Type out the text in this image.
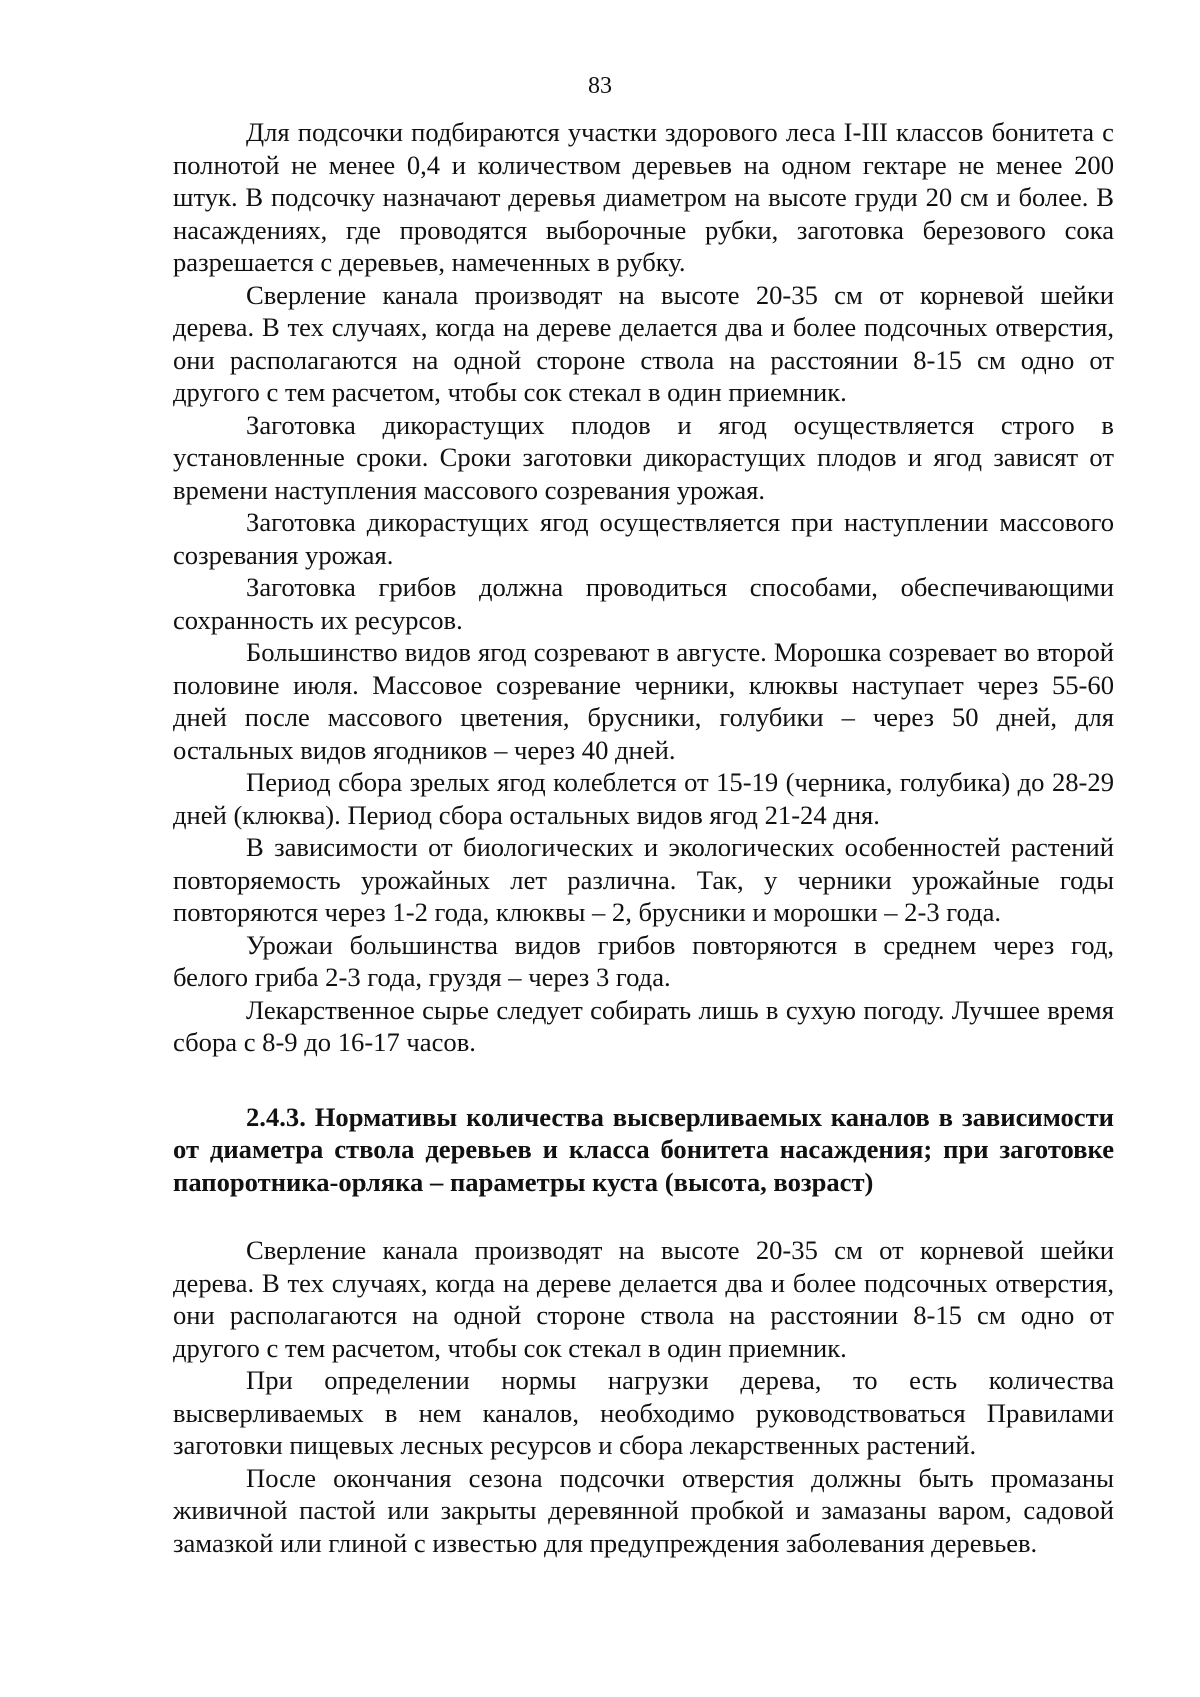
83

Для подсочки подбираются участки здорового леса I-III классов бонитета с полнотой не менее 0,4 и количеством деревьев на одном гектаре не менее 200 штук. В подсочку назначают деревья диаметром на высоте груди 20 см и более. В насаждениях, где проводятся выборочные рубки, заготовка березового сока разрешается с деревьев, намеченных в рубку.

Сверление канала производят на высоте 20-35 см от корневой шейки дерева. В тех случаях, когда на дереве делается два и более подсочных отверстия, они располагаются на одной стороне ствола на расстоянии 8-15 см одно от другого с тем расчетом, чтобы сок стекал в один приемник.

Заготовка дикорастущих плодов и ягод осуществляется строго в установленные сроки. Сроки заготовки дикорастущих плодов и ягод зависят от времени наступления массового созревания урожая.

Заготовка дикорастущих ягод осуществляется при наступлении массового созревания урожая.

Заготовка грибов должна проводиться способами, обеспечивающими сохранность их ресурсов.

Большинство видов ягод созревают в августе. Морошка созревает во второй половине июля. Массовое созревание черники, клюквы наступает через 55-60 дней после массового цветения, брусники, голубики – через 50 дней, для остальных видов ягодников – через 40 дней.

Период сбора зрелых ягод колеблется от 15-19 (черника, голубика) до 28-29 дней (клюква). Период сбора остальных видов ягод 21-24 дня.

В зависимости от биологических и экологических особенностей растений повторяемость урожайных лет различна. Так, у черники урожайные годы повторяются через 1-2 года, клюквы – 2, брусники и морошки – 2-3 года.

Урожаи большинства видов грибов повторяются в среднем через год, белого гриба 2-3 года, груздя – через 3 года.

Лекарственное сырье следует собирать лишь в сухую погоду. Лучшее время сбора с 8-9 до 16-17 часов.

2.4.3. Нормативы количества высверливаемых каналов в зависимости от диаметра ствола деревьев и класса бонитета насаждения; при заготовке папоротника-орляка – параметры куста (высота, возраст)

Сверление канала производят на высоте 20-35 см от корневой шейки дерева. В тех случаях, когда на дереве делается два и более подсочных отверстия, они располагаются на одной стороне ствола на расстоянии 8-15 см одно от другого с тем расчетом, чтобы сок стекал в один приемник.

При определении нормы нагрузки дерева, то есть количества высверливаемых в нем каналов, необходимо руководствоваться Правилами заготовки пищевых лесных ресурсов и сбора лекарственных растений.

После окончания сезона подсочки отверстия должны быть промазаны живичной пастой или закрыты деревянной пробкой и замазаны варом, садовой замазкой или глиной с известью для предупреждения заболевания деревьев.
